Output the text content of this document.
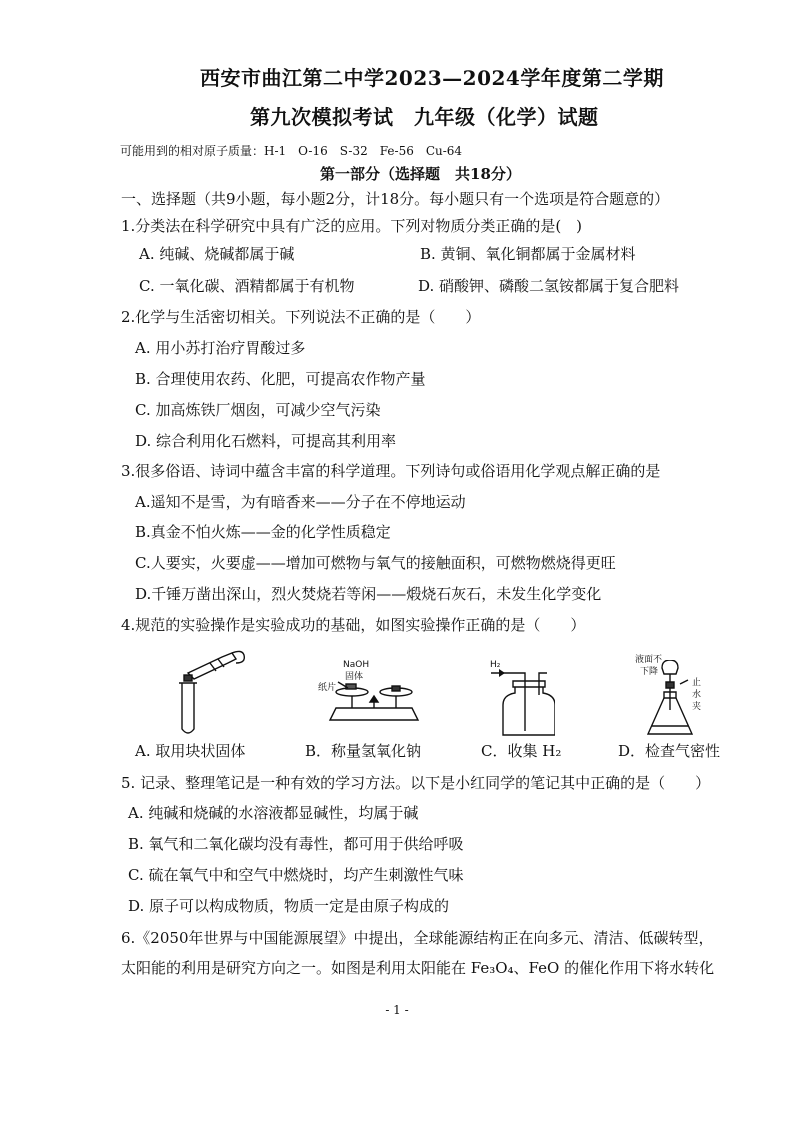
西安市曲江第二中学2023—2024学年度第二学期
第九次模拟考试　九年级（化学）试题
可能用到的相对原子质量：H-1　O-16　S-32　Fe-56　Cu-64
第一部分（选择题　共18分）
一、选择题（共9小题，每小题2分，计18分。每小题只有一个选项是符合题意的）
1.分类法在科学研究中具有广泛的应用。下列对物质分类正确的是(　)
A. 纯碱、烧碱都属于碱	B. 黄铜、氧化铜都属于金属材料
C. 一氧化碳、酒精都属于有机物	D. 硝酸钾、磷酸二氢铵都属于复合肥料
2.化学与生活密切相关。下列说法不正确的是（　　）
A. 用小苏打治疗胃酸过多
B. 合理使用农药、化肥，可提高农作物产量
C. 加高炼铁厂烟囱，可减少空气污染
D. 综合利用化石燃料，可提高其利用率
3.很多俗语、诗词中蕴含丰富的科学道理。下列诗句或俗语用化学观点解正确的是
A.遥知不是雪，为有暗香来——分子在不停地运动
B.真金不怕火炼——金的化学性质稳定
C.人要实，火要虚——增加可燃物与氧气的接触面积，可燃物燃烧得更旺
D.千锤万凿出深山，烈火焚烧若等闲——煅烧石灰石，未发生化学变化
4.规范的实验操作是实验成功的基础，如图实验操作正确的是（　　）
A. 取用块状固体
NaOH
固体
纸片
B．称量氢氧化钠
H₂
C．收集 H₂
液面不
下降
止
水
夹
D．检查气密性
5. 记录、整理笔记是一种有效的学习方法。以下是小红同学的笔记其中正确的是（　　）
A. 纯碱和烧碱的水溶液都显碱性，均属于碱
B. 氧气和二氧化碳均没有毒性，都可用于供给呼吸
C. 硫在氧气中和空气中燃烧时，均产生刺激性气味
D. 原子可以构成物质，物质一定是由原子构成的
6.《2050年世界与中国能源展望》中提出，全球能源结构正在向多元、清洁、低碳转型，
太阳能的利用是研究方向之一。如图是利用太阳能在 Fe₃O₄、FeO 的催化作用下将水转化
- 1 -
